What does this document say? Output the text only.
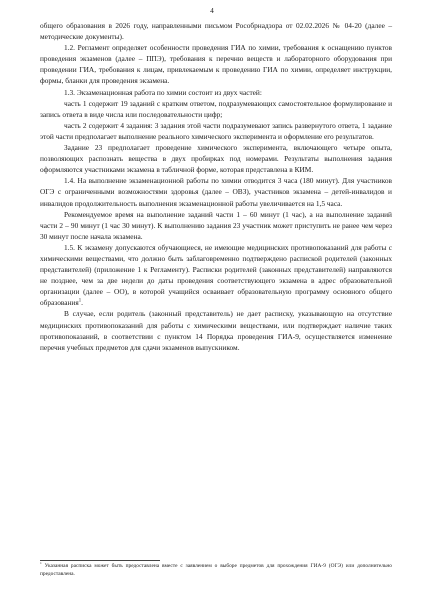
4

общего образования в 2026 году, направленными письмом Рособрнадзора от 02.02.2026 № 04-20 (далее – методические документы).

1.2. Регламент определяет особенности проведения ГИА по химии, требования к оснащению пунктов проведения экзаменов (далее – ППЭ), требования к перечню веществ и лабораторного оборудования при проведении ГИА, требования к лицам, привлекаемым к проведению ГИА по химии, определяет инструкции, формы, бланки для проведения экзамена.

1.3. Экзаменационная работа по химии состоит из двух частей:

часть 1 содержит 19 заданий с кратким ответом, подразумевающих самостоятельное формулирование и запись ответа в виде числа или последовательности цифр;

часть 2 содержит 4 задания: 3 задания этой части подразумевают запись развернутого ответа, 1 задание этой части предполагает выполнение реального химического эксперимента и оформление его результатов.

Задание 23 предполагает проведение химического эксперимента, включающего четыре опыта, позволяющих распознать вещества в двух пробирках под номерами. Результаты выполнения задания оформляются участниками экзамена в табличной форме, которая представлена в КИМ.

1.4. На выполнение экзаменационной работы по химии отводится 3 часа (180 минут). Для участников ОГЭ с ограниченными возможностями здоровья (далее – ОВЗ), участников экзамена – детей-инвалидов и инвалидов продолжительность выполнения экзаменационной работы увеличивается на 1,5 часа.

Рекомендуемое время на выполнение заданий части 1 – 60 минут (1 час), а на выполнение заданий части 2 – 90 минут (1 час 30 минут). К выполнению задания 23 участник может приступить не ранее чем через 30 минут после начала экзамена.

1.5. К экзамену допускаются обучающиеся, не имеющие медицинских противопоказаний для работы с химическими веществами, что должно быть заблаговременно подтверждено распиской родителей (законных представителей) (приложение 1 к Регламенту). Расписки родителей (законных представителей) направляются не позднее, чем за две недели до даты проведения соответствующего экзамена в адрес образовательной организации (далее – ОО), в которой учащийся осваивает образовательную программу основного общего образования$^1$.

В случае, если родитель (законный представитель) не дает расписку, указывающую на отсутствие медицинских противопоказаний для работы с химическими веществами, или подтверждает наличие таких противопоказаний, в соответствии с пунктом 14 Порядка проведения ГИА-9, осуществляется изменение перечня учебных предметов для сдачи экзаменов выпускником.

$^1$ Указанная расписка может быть предоставлена вместе с заявлением о выборе предметов для прохождения ГИА-9 (ОГЭ) или дополнительно предоставлена.
